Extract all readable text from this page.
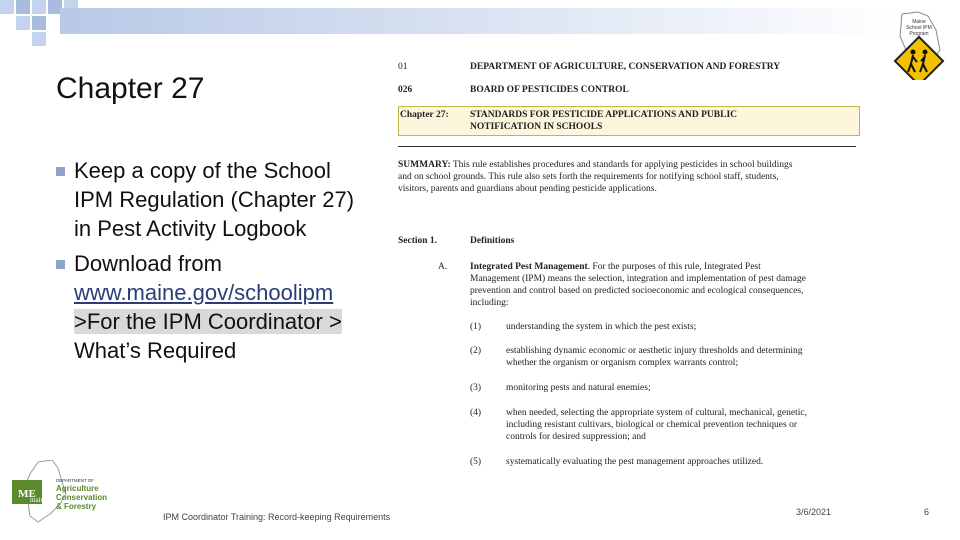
Maine
School IPM
Program
Chapter 27
Keep a copy of the School IPM Regulation (Chapter 27) in Pest Activity Logbook
Download from www.maine.gov/schoolipm >For the IPM Coordinator > What’s Required
01	DEPARTMENT OF AGRICULTURE, CONSERVATION AND FORESTRY
026	BOARD OF PESTICIDES CONTROL
Chapter 27: STANDARDS FOR PESTICIDE APPLICATIONS AND PUBLIC
NOTIFICATION IN SCHOOLS
SUMMARY: This rule establishes procedures and standards for applying pesticides in school buildings
and on school grounds. This rule also sets forth the requirements for notifying school staff, students,
visitors, parents and guardians about pending pesticide applications.
Section 1.	Definitions
A. Integrated Pest Management. For the purposes of this rule, Integrated Pest
Management (IPM) means the selection, integration and implementation of pest damage
prevention and control based on predicted socioeconomic and ecological consequences,
including:
(1)	understanding the system in which the pest exists;
(2)	establishing dynamic economic or aesthetic injury thresholds and determining
whether the organism or organism complex warrants control;
(3)	monitoring pests and natural enemies;
(4)	when needed, selecting the appropriate system of cultural, mechanical, genetic,
including resistant cultivars, biological or chemical prevention techniques or
controls for desired suppression; and
(5)	systematically evaluating the pest management approaches utilized.
ME
maine
DEPARTMENT OF
Agriculture
Conservation
& Forestry
IPM Coordinator Training: Record-keeping Requirements	3/6/2021	6
